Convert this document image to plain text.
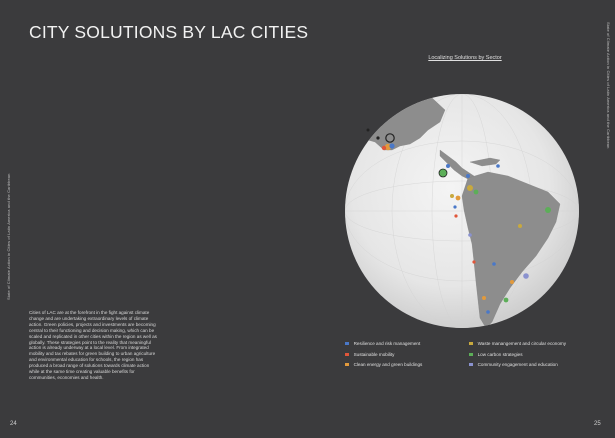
CITY SOLUTIONS BY LAC CITIES
State of Climate Action in Cities of Latin America and the Caribbean
State of Climate Action in Cities of Latin America and the Caribbean
Localizing Solutions by Sector

Cities of LAC are at the forefront in the fight against climate change and are undertaking extraordinary levels of climate action. Green policies, projects and investments are becoming central to their functioning and decision making, which can be scaled and replicated in other cities within the region as well as globally. These strategies point to the reality that meaningful action is already underway at a local level. From integrated mobility and tax rebates for green building to urban agriculture and environmental education for schools, the region has produced a broad range of solutions towards climate action while at the same time creating valuable benefits for communities, economies and health.

Resilience and risk management
Sustainable mobility
Clean energy and green buildings
Waste manangement and circular economy
Low carbon strategies
Community engagement and education
24	25
